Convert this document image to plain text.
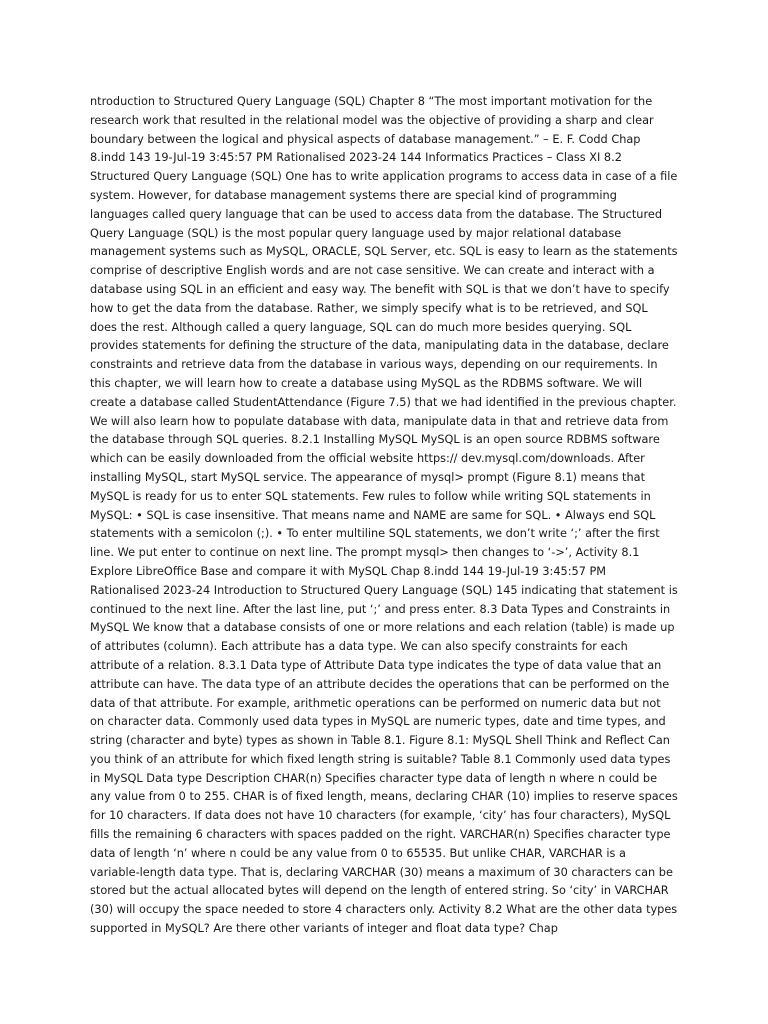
ntroduction to Structured Query Language (SQL) Chapter 8 “The most important motivation for the research work that resulted in the relational model was the objective of providing a sharp and clear boundary between the logical and physical aspects of database management.” – E. F. Codd Chap 8.indd 143 19-Jul-19 3:45:57 PM Rationalised 2023-24 144 Informatics Practices – Class XI 8.2 Structured Query Language (SQL) One has to write application programs to access data in case of a file system. However, for database management systems there are special kind of programming languages called query language that can be used to access data from the database. The Structured Query Language (SQL) is the most popular query language used by major relational database management systems such as MySQL, ORACLE, SQL Server, etc. SQL is easy to learn as the statements comprise of descriptive English words and are not case sensitive. We can create and interact with a database using SQL in an efficient and easy way. The benefit with SQL is that we don’t have to specify how to get the data from the database. Rather, we simply specify what is to be retrieved, and SQL does the rest. Although called a query language, SQL can do much more besides querying. SQL provides statements for defining the structure of the data, manipulating data in the database, declare constraints and retrieve data from the database in various ways, depending on our requirements. In this chapter, we will learn how to create a database using MySQL as the RDBMS software. We will create a database called StudentAttendance (Figure 7.5) that we had identified in the previous chapter. We will also learn how to populate database with data, manipulate data in that and retrieve data from the database through SQL queries. 8.2.1 Installing MySQL MySQL is an open source RDBMS software which can be easily downloaded from the official website https:// dev.mysql.com/downloads. After installing MySQL, start MySQL service. The appearance of mysql> prompt (Figure 8.1) means that MySQL is ready for us to enter SQL statements. Few rules to follow while writing SQL statements in MySQL: • SQL is case insensitive. That means name and NAME are same for SQL. • Always end SQL statements with a semicolon (;). • To enter multiline SQL statements, we don’t write ‘;’ after the first line. We put enter to continue on next line. The prompt mysql> then changes to ‘->’, Activity 8.1 Explore LibreOffice Base and compare it with MySQL Chap 8.indd 144 19-Jul-19 3:45:57 PM Rationalised 2023-24 Introduction to Structured Query Language (SQL) 145 indicating that statement is continued to the next line. After the last line, put ‘;’ and press enter. 8.3 Data Types and Constraints in MySQL We know that a database consists of one or more relations and each relation (table) is made up of attributes (column). Each attribute has a data type. We can also specify constraints for each attribute of a relation. 8.3.1 Data type of Attribute Data type indicates the type of data value that an attribute can have. The data type of an attribute decides the operations that can be performed on the data of that attribute. For example, arithmetic operations can be performed on numeric data but not on character data. Commonly used data types in MySQL are numeric types, date and time types, and string (character and byte) types as shown in Table 8.1. Figure 8.1: MySQL Shell Think and Reflect Can you think of an attribute for which fixed length string is suitable? Table 8.1 Commonly used data types in MySQL Data type Description CHAR(n) Specifies character type data of length n where n could be any value from 0 to 255. CHAR is of fixed length, means, declaring CHAR (10) implies to reserve spaces for 10 characters. If data does not have 10 characters (for example, ‘city’ has four characters), MySQL fills the remaining 6 characters with spaces padded on the right. VARCHAR(n) Specifies character type data of length ‘n’ where n could be any value from 0 to 65535. But unlike CHAR, VARCHAR is a variable-length data type. That is, declaring VARCHAR (30) means a maximum of 30 characters can be stored but the actual allocated bytes will depend on the length of entered string. So ‘city’ in VARCHAR (30) will occupy the space needed to store 4 characters only. Activity 8.2 What are the other data types supported in MySQL? Are there other variants of integer and float data type? Chap
